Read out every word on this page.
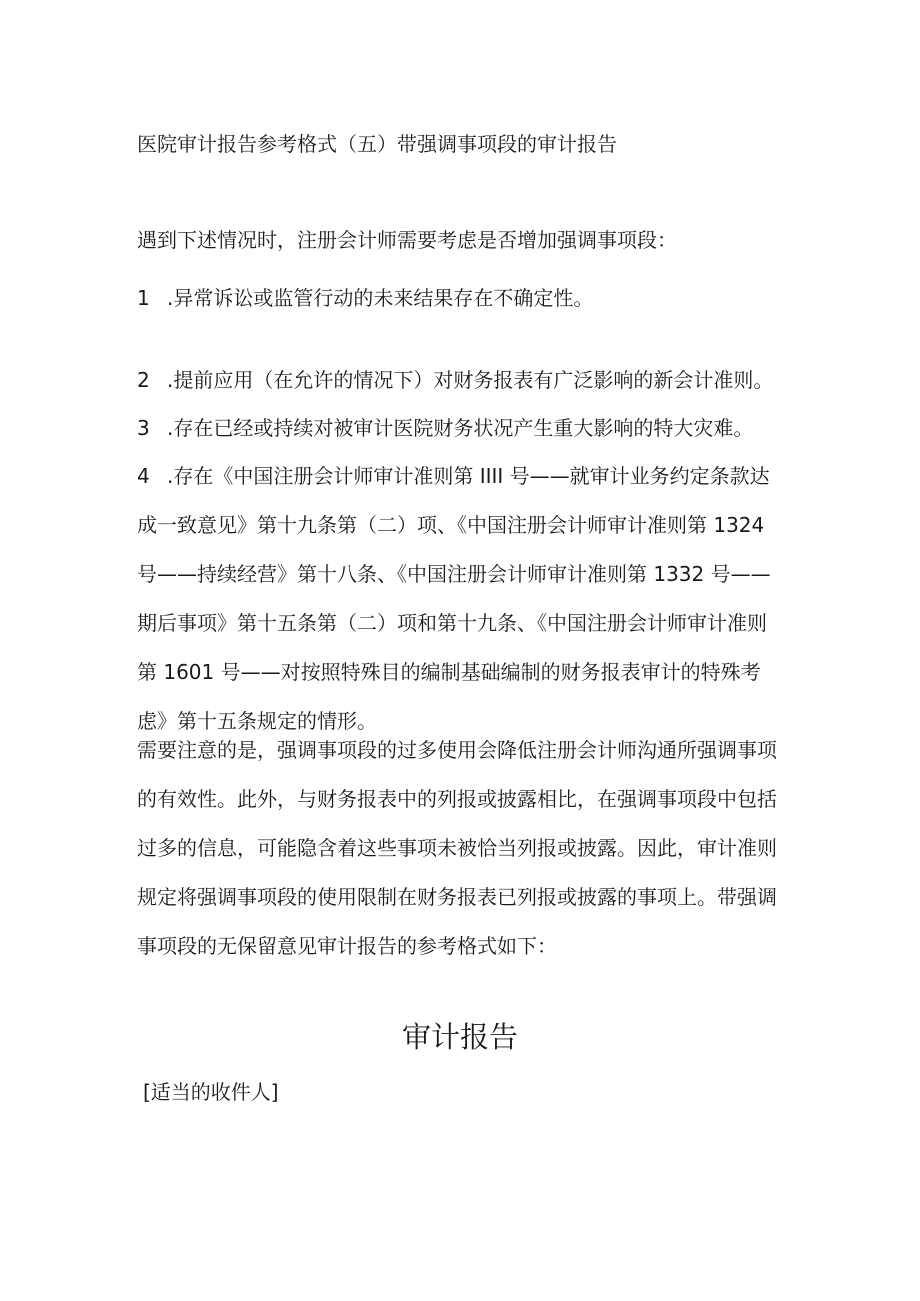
医院审计报告参考格式（五）带强调事项段的审计报告
遇到下述情况时，注册会计师需要考虑是否增加强调事项段：
1 .异常诉讼或监管行动的未来结果存在不确定性。
2 .提前应用（在允许的情况下）对财务报表有广泛影响的新会计准则。
3 .存在已经或持续对被审计医院财务状况产生重大影响的特大灾难。
4 .存在《中国注册会计师审计准则第 IIII 号——就审计业务约定条款达
成一致意见》第十九条第（二）项、《中国注册会计师审计准则第 1324
号——持续经营》第十八条、《中国注册会计师审计准则第 1332 号——
期后事项》第十五条第（二）项和第十九条、《中国注册会计师审计准则
第 1601 号——对按照特殊目的编制基础编制的财务报表审计的特殊考
虑》第十五条规定的情形。
需要注意的是，强调事项段的过多使用会降低注册会计师沟通所强调事项
的有效性。此外，与财务报表中的列报或披露相比，在强调事项段中包括
过多的信息，可能隐含着这些事项未被恰当列报或披露。因此，审计准则
规定将强调事项段的使用限制在财务报表已列报或披露的事项上。带强调
事项段的无保留意见审计报告的参考格式如下：
审计报告
[适当的收件人]
